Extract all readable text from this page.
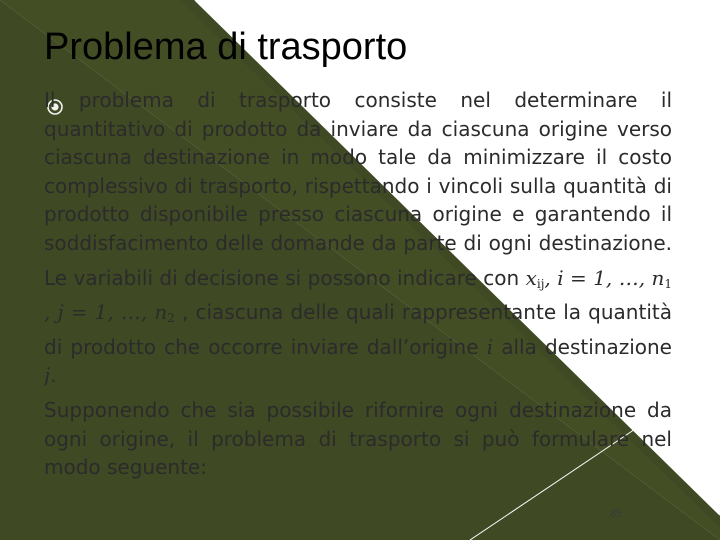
Problema di trasporto

Il problema di trasporto consiste nel determinare il quantitativo di prodotto da inviare da ciascuna origine verso ciascuna destinazione in modo tale da minimizzare il costo complessivo di trasporto, rispettando i vincoli sulla quantità di prodotto disponibile presso ciascuna origine e garantendo il soddisfacimento delle domande da parte di ogni destinazione.

Le variabili di decisione si possono indicare con $x_{ij}$, i = 1, …, $n_1$ , j = 1, …, $n_2$ , ciascuna delle quali rappresentante la quantità di prodotto che occorre inviare dall’origine i alla destinazione j.

Supponendo che sia possibile rifornire ogni destinazione da ogni origine, il problema di trasporto si può formulare nel modo seguente:

85
